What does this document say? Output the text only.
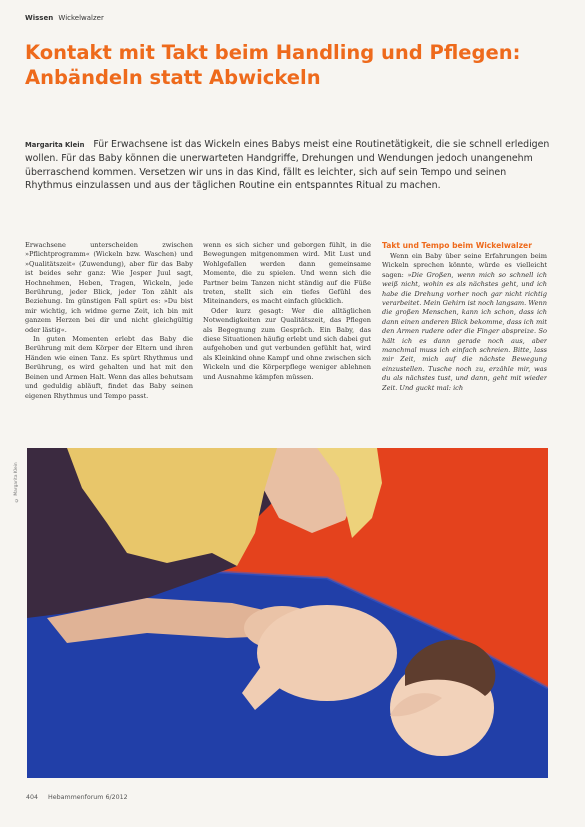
Wissen Wickelwalzer
Kontakt mit Takt beim Handling und Pflegen:
Anbändeln statt Abwickeln

Margarita Klein Für Erwachsene ist das Wickeln eines Babys meist eine Routinetätigkeit, die sie schnell erledigen wollen. Für das Baby können die unerwarteten Handgriffe, Drehungen und Wendungen jedoch unangenehm überraschend kommen. Versetzen wir uns in das Kind, fällt es leichter, sich auf sein Tempo und seinen Rhythmus einzulassen und aus der täglichen Routine ein entspanntes Ritual zu machen.

Erwachsene unterscheiden zwischen »Pflichtprogramm« (Wickeln bzw. Waschen) und »Qualitätszeit« (Zuwendung), aber für das Baby ist beides sehr ganz: Wie Jesper Juul sagt, Hochnehmen, Heben, Tragen, Wickeln, jede Berührung, jeder Blick, jeder Ton zählt als Beziehung. Im günstigen Fall spürt es: »Du bist mir wichtig, ich widme gerne Zeit, ich bin mit ganzem Herzen bei dir und nicht gleichgültig oder lästig«.

In guten Momenten erlebt das Baby die Berührung mit dem Körper der Eltern und ihren Händen wie einen Tanz. Es spürt Rhythmus und Berührung, es wird gehalten und hat mit den Beinen und Armen Halt. Wenn das alles behutsam und geduldig abläuft, findet das Baby seinen eigenen Rhythmus und Tempo passt.

wenn es sich sicher und geborgen fühlt, in die Bewegungen mitgenommen wird. Mit Lust und Wohlgefallen werden dann gemeinsame Momente, die zu spielen. Und wenn sich die Partner beim Tanzen nicht ständig auf die Füße treten, stellt sich ein tiefes Gefühl des Miteinanders, es macht einfach glücklich.

Oder kurz gesagt: Wer die alltäglichen Notwendigkeiten zur Qualitätszeit, das Pflegen als Begegnung zum Gespräch. Ein Baby, das diese Situationen häufig erlebt und sich dabei gut aufgehoben und gut verbunden gefühlt hat, wird als Kleinkind ohne Kampf und ohne zwischen sich Wickeln und die Körperpflege weniger ablehnen und Ausnahme kämpfen müssen.

Takt und Tempo beim Wickelwalzer

Wenn ein Baby über seine Erfahrungen beim Wickeln sprechen könnte, würde es vielleicht sagen: »Die Großen, wenn mich so schnell ich weiß nicht, wohin es als nächstes geht, und ich habe die Drehung vorher noch gar nicht richtig verarbeitet. Mein Gehirn ist noch langsam. Wenn die großen Menschen, kann ich schon, dass ich dann einen anderen Blick bekomme, dass ich mit den Armen rudere oder die Finger abspreize. So hält ich es dann gerade noch aus, aber manchmal muss ich einfach schreien. Bitte, lass mir Zeit, mich auf die nächste Bewegung einzustellen. Tusche noch zu, erzähle mir, was du als nächstes tust, und dann, geht mit wieder Zeit. Und guckt mal: ich

© Margarita Klein
404 Hebammenforum 6/2012
